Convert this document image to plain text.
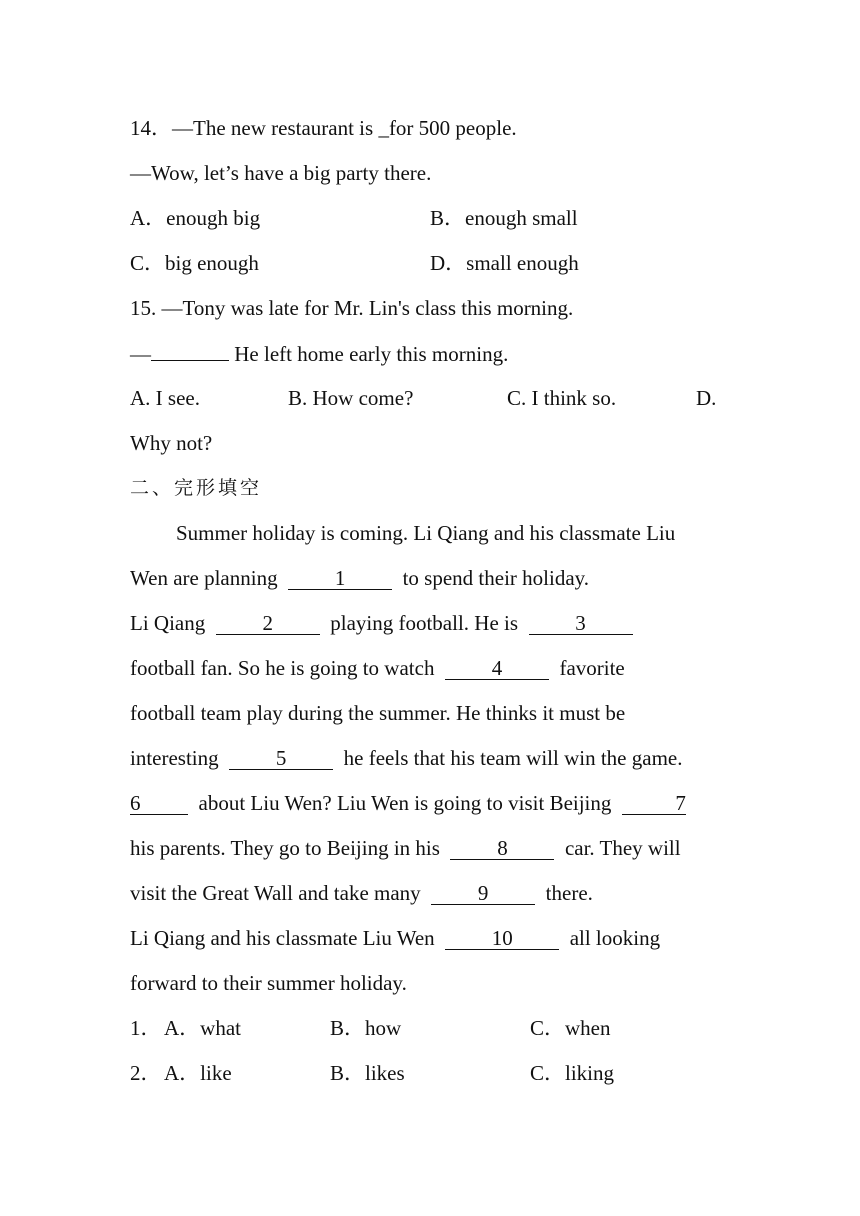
14．—The new restaurant is _for 500 people.
—Wow, let’s have a big party there.
A．enough big	B．enough small
C．big enough	D．small enough
15. —Tony was late for Mr. Lin's class this morning.
—	He left home early this morning.
A. I see.	B. How come?	C. I think so.	D.
Why not?
二、完形填空
Summer holiday is coming. Li Qiang and his classmate Liu
Wen are planning  1  to spend their holiday.
Li Qiang  2  playing football. He is  3
football fan. So he is going to watch  4  favorite
football team play during the summer. He thinks it must be
interesting  5  he feels that his team will win the game.
6	about Liu Wen? Liu Wen is going to visit Beijing	7
his parents. They go to Beijing in his  8  car. They will
visit the Great Wall and take many  9  there.
Li Qiang and his classmate Liu Wen  10  all looking
forward to their summer holiday.
1． A．what	B．how	C．when
2． A．like	B．likes	C．liking
